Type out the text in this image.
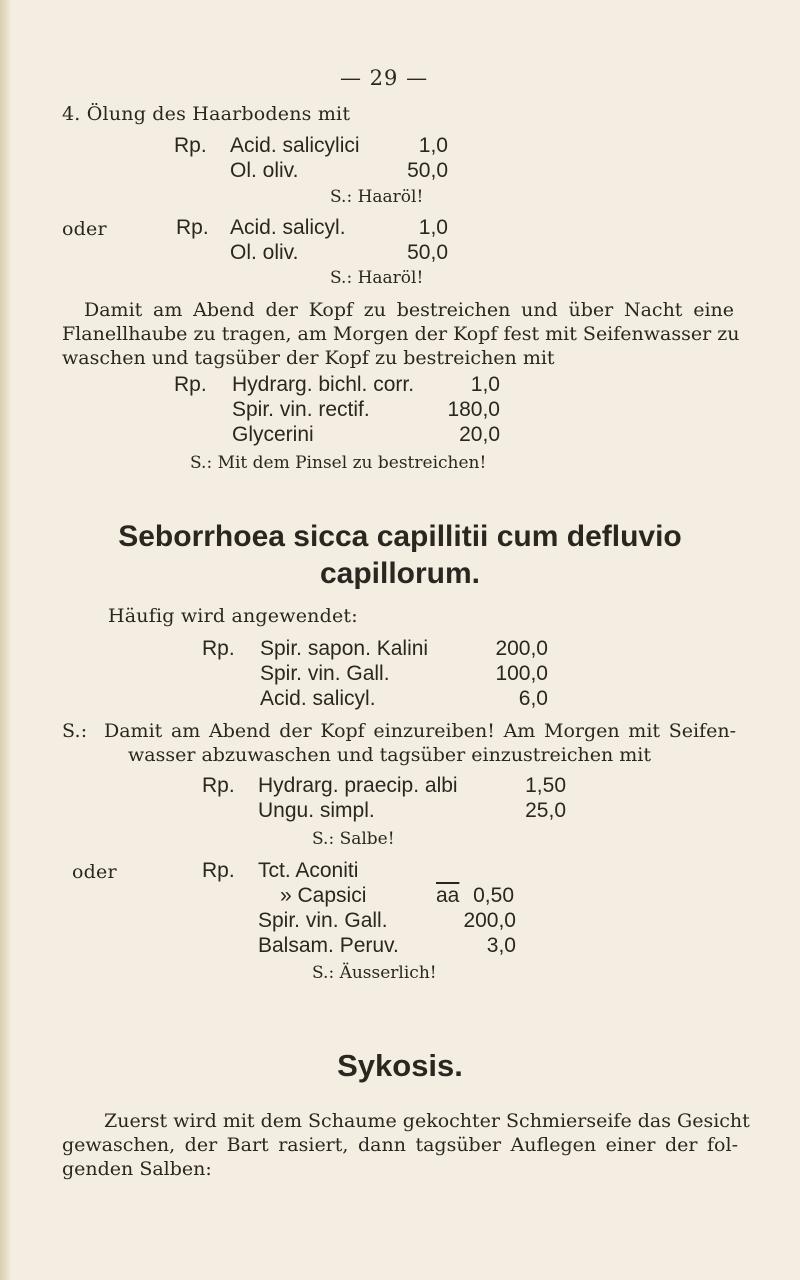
— 29 —
4. Ölung des Haarbodens mit
Rp. Acid. salicylici	1,0
Ol. oliv.	50,0
S.: Haaröl!
oder	Rp. Acid. salicyl.	1,0
Ol. oliv.	50,0
S.: Haaröl!
Damit am Abend der Kopf zu bestreichen und über Nacht eine
Flanellhaube zu tragen, am Morgen der Kopf fest mit Seifenwasser zu
waschen und tagsüber der Kopf zu bestreichen mit
Rp. Hydrarg. bichl. corr.	1,0
Spir. vin. rectif.	180,0
Glycerini	20,0
S.: Mit dem Pinsel zu bestreichen!
Seborrhoea sicca capillitii cum defluvio
capillorum.
Häufig wird angewendet:
Rp. Spir. sapon. Kalini	200,0
Spir. vin. Gall.	100,0
Acid. salicyl.	6,0
S.: Damit am Abend der Kopf einzureiben! Am Morgen mit Seifen-
wasser abzuwaschen und tagsüber einzustreichen mit
Rp. Hydrarg. praecip. albi	1,50
Ungu. simpl.	25,0
S.: Salbe!
oder	Rp. Tct. Aconiti
» Capsici	$\overline{aa}$ 0,50
Spir. vin. Gall.	200,0
Balsam. Peruv.	3,0
S.: Äusserlich!
Sykosis.
Zuerst wird mit dem Schaume gekochter Schmierseife das Gesicht
gewaschen, der Bart rasiert, dann tagsüber Auflegen einer der fol-
genden Salben:
